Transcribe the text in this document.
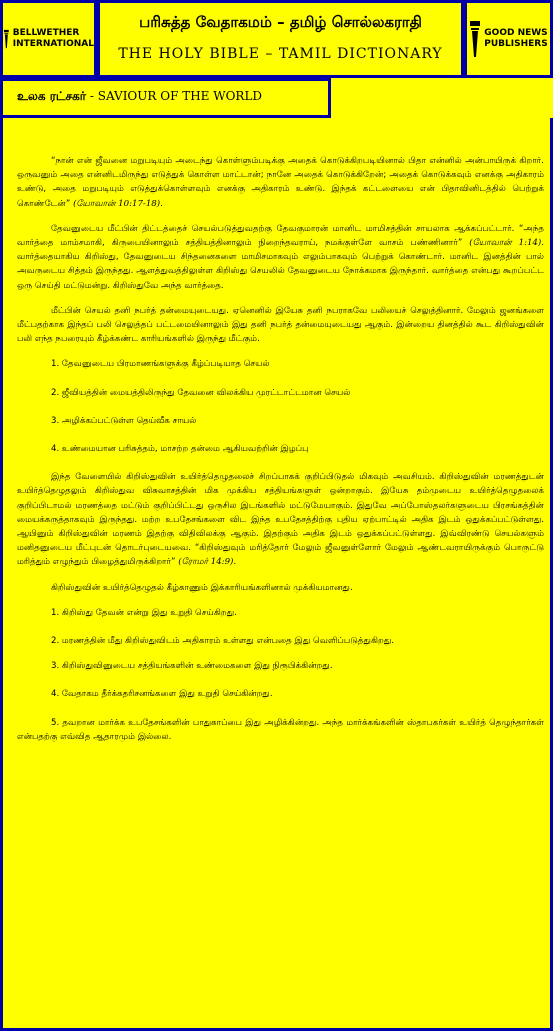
BELLWETHER
INTERNATIONAL
பரிசுத்த வேதாகமம் – தமிழ் சொல்லகராதி
THE HOLY BIBLE – TAMIL DICTIONARY
GOOD NEWS
PUBLISHERS
உலக ரட்சகர் - SAVIOUR OF THE WORLD

“நான் என் ஜீவனை மறுபடியும் அடைந்து கொள்ளும்படிக்கு அதைக் கொடுக்கிறபடியினால் பிதா என்னில் அன்பாயிருக் கிறார். ஒருவனும் அதை என்னிடமிருந்து எடுத்துக் கொள்ள மாட்டான்; நானே அதைக் கொடுக்கிறேன்; அதைக் கொடுக்கவும் எனக்கு அதிகாரம் உண்டு, அதை மறுபடியும் எடுத்துக்கொள்ளவும் எனக்கு அதிகாரம் உண்டு. இந்தக் கட்டளையை என் பிதாவினிடத்தில் பெற்றுக் கொண்டேன்” (யோவான் 10:17-18).

தேவனுடைய மீட்பின் திட்டத்தைச் செயல்படுத்துவதற்கு தேவகுமாரன் மானிட மாமிசத்தின் சாயலாக ஆக்கப்பட்டார். “அந்த வார்த்தை மாம்சமாகி, கிருபையினாலும் சத்தியத்தினாலும் நிறைந்தவராய், நமக்குள்ளே வாசம் பண்ணினார்” (யோவான் 1:14). வார்த்தையாகிய கிறிஸ்து, தேவனுடைய சிந்தனைகளை மாமிசமாகவும் எலும்பாகவும் பெற்றுக் கொண்டார். மானிட இனத்தின் பால் அவருடைய சித்தம் இருந்தது. ஆளத்துவத்திலுள்ள கிறிஸ்து செயலில் தேவனுடைய நோக்கமாக இருந்தார். வார்த்தை என்பது கூறப்பட்ட ஒரு செய்தி மட்டுமன்று. கிறிஸ்துவே அந்த வார்த்தை.

மீட்பின் செயல் தனி நபர்த் தன்மையுடையது. ஏனெனில் இயேசு தனி நபராகவே பலியைச் செலுத்தினார். மேலும் ஜனங்களை மீட்பதற்காக இந்தப் பலி செலுத்தப் பட்டமையினாலும் இது தனி நபர்த் தன்மையுடையது ஆகும். இன்றைய தினத்தில் கூட கிறிஸ்துவின் பலி எந்த நபரையும் கீழ்க்கண்ட காரியங்களில் இருந்து மீட்கும்.

1. தேவனுடைய பிரமாணங்களுக்கு கீழ்ப்படியாத செயல்

2. ஜீவியத்தின் மையத்திலிருந்து தேவனை விலக்கிய முரட்டாட்டமான செயல்

3. அழிக்கப்பட்டுள்ள தெய்வீக சாயல்

4. உண்மையான பரிசுத்தம், மாசற்ற தன்மை ஆகியவற்றின் இழப்பு

இந்த வேளையில் கிறிஸ்துவின் உயிர்த்தெழுதலைச் சிறப்பாகக் குறிப்பிடுதல் மிகவும் அவசியம். கிறிஸ்துவின் மரணத்துடன் உயிர்த்தெழுதலும் கிறிஸ்துவ விசுவாசத்தின் மிக முக்கிய சத்தியங்களுள் ஒன்றாகும். இயேசு தம்முடைய உயிர்த்தெழுதலைக் குறிப்பிடாமல் மரணத்தை மட்டும் குறிப்பிட்டது ஒருசில இடங்களில் மட்டுமேயாகும். இதுவே அப்போஸ்தலர்களுடைய பிரசங்கத்தின் மையக்கருத்தாகவும் இருந்தது. மற்ற உபதேசங்களை விட இந்த உபதேசத்திற்கு புதிய ஏற்பாட்டில் அதிக இடம் ஒதுக்கப்பட்டுள்ளது. ஆயினும் கிறிஸ்துவின் மரணம் இதற்கு விதிவிலக்கு ஆகும். இதற்கும் அதிக இடம் ஒதுக்கப்பட்டுள்ளது. இவ்விரண்டு செயல்களும் மனிதனுடைய மீட்புடன் தொடர்புடையவை. “கிறிஸ்துவும் மரித்தோர் மேலும் ஜீவனுள்ளோர் மேலும் ஆண்டவராயிருக்கும் பொருட்டு மரித்தும் எழுந்தும் பிழைத்துமிருக்கிறார்” (ரோமர் 14:9).

கிறிஸ்துவின் உயிர்த்தெழுதல் கீழ்காணும் இக்காரியங்களினால் முக்கியமானது.

1. கிறிஸ்து தேவன் என்று இது உறுதி செய்கிறது.

2. மரணத்தின் மீது கிறிஸ்துவிடம் அதிகாரம் உள்ளது என்பதை இது வெளிப்படுத்துகிறது.

3. கிறிஸ்துவினுடைய சத்தியங்களின் உண்மைகளை இது நிரூபிக்கின்றது.

4. வேதாகம தீர்க்கதரிசனங்களை இது உறுதி செய்கின்றது.

5. தவறான மார்க்க உபதேசங்களின் பாதுகாப்பை இது அழிக்கின்றது. அந்த மார்க்கங்களின் ஸ்தாபகர்கள் உயிர்த் தெழுந்தார்கள் என்பதற்கு எவ்வித ஆதாரமும் இல்லை.
